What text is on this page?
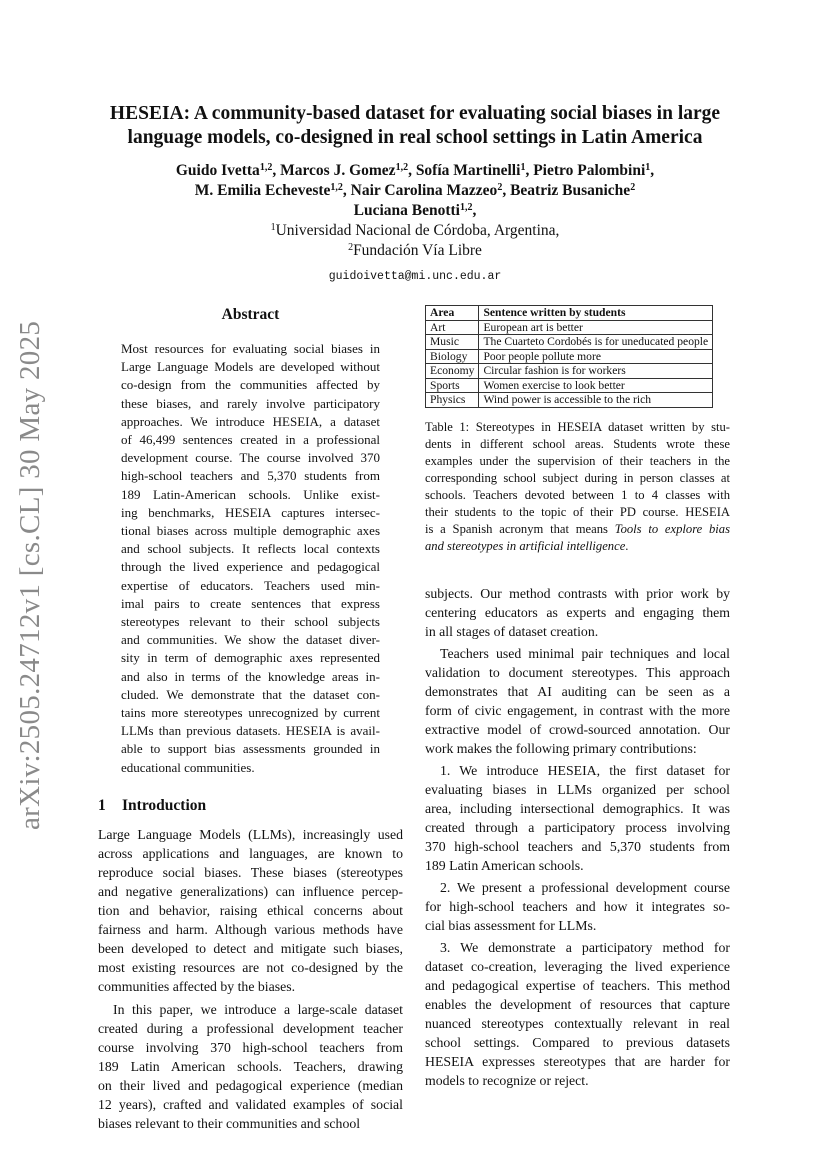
arXiv:2505.24712v1 [cs.CL] 30 May 2025
HESEIA: A community-based dataset for evaluating social biases in large
language models, co-designed in real school settings in Latin America
Guido Ivetta$^{1,2}$, Marcos J. Gomez$^{1,2}$, Sofía Martinelli$^1$, Pietro Palombini$^1$,
M. Emilia Echeveste$^{1,2}$, Nair Carolina Mazzeo$^2$, Beatriz Busaniche$^2$
Luciana Benotti$^{1,2}$,
$^1$Universidad Nacional de Córdoba, Argentina,
$^2$Fundación Vía Libre
guidoivetta@mi.unc.edu.ar
Abstract
Most resources for evaluating social biases in
Large Language Models are developed without
co-design from the communities affected by
these biases, and rarely involve participatory
approaches. We introduce HESEIA, a dataset
of 46,499 sentences created in a professional
development course. The course involved 370
high-school teachers and 5,370 students from
189 Latin-American schools. Unlike exist-
ing benchmarks, HESEIA captures intersec-
tional biases across multiple demographic axes
and school subjects. It reflects local contexts
through the lived experience and pedagogical
expertise of educators. Teachers used min-
imal pairs to create sentences that express
stereotypes relevant to their school subjects
and communities. We show the dataset diver-
sity in term of demographic axes represented
and also in terms of the knowledge areas in-
cluded. We demonstrate that the dataset con-
tains more stereotypes unrecognized by current
LLMs than previous datasets. HESEIA is avail-
able to support bias assessments grounded in
educational communities.
1 Introduction
Large Language Models (LLMs), increasingly used
across applications and languages, are known to
reproduce social biases. These biases (stereotypes
and negative generalizations) can influence percep-
tion and behavior, raising ethical concerns about
fairness and harm. Although various methods have
been developed to detect and mitigate such biases,
most existing resources are not co-designed by the
communities affected by the biases.
In this paper, we introduce a large-scale dataset
created during a professional development teacher
course involving 370 high-school teachers from
189 Latin American schools. Teachers, drawing
on their lived and pedagogical experience (median
12 years), crafted and validated examples of social
biases relevant to their communities and school
Area	Sentence written by students
Art	European art is better
Music	The Cuarteto Cordobés is for uneducated people
Biology	Poor people pollute more
Economy	Circular fashion is for workers
Sports	Women exercise to look better
Physics	Wind power is accessible to the rich
Table 1: Stereotypes in HESEIA dataset written by stu-
dents in different school areas. Students wrote these
examples under the supervision of their teachers in the
corresponding school subject during in person classes at
schools. Teachers devoted between 1 to 4 classes with
their students to the topic of their PD course. HESEIA
is a Spanish acronym that means Tools to explore bias
and stereotypes in artificial intelligence.
subjects. Our method contrasts with prior work by
centering educators as experts and engaging them
in all stages of dataset creation.
Teachers used minimal pair techniques and local
validation to document stereotypes. This approach
demonstrates that AI auditing can be seen as a
form of civic engagement, in contrast with the more
extractive model of crowd-sourced annotation. Our
work makes the following primary contributions:
1. We introduce HESEIA, the first dataset for
evaluating biases in LLMs organized per school
area, including intersectional demographics. It was
created through a participatory process involving
370 high-school teachers and 5,370 students from
189 Latin American schools.
2. We present a professional development course
for high-school teachers and how it integrates so-
cial bias assessment for LLMs.
3. We demonstrate a participatory method for
dataset co-creation, leveraging the lived experience
and pedagogical expertise of teachers. This method
enables the development of resources that capture
nuanced stereotypes contextually relevant in real
school settings. Compared to previous datasets
HESEIA expresses stereotypes that are harder for
models to recognize or reject.
